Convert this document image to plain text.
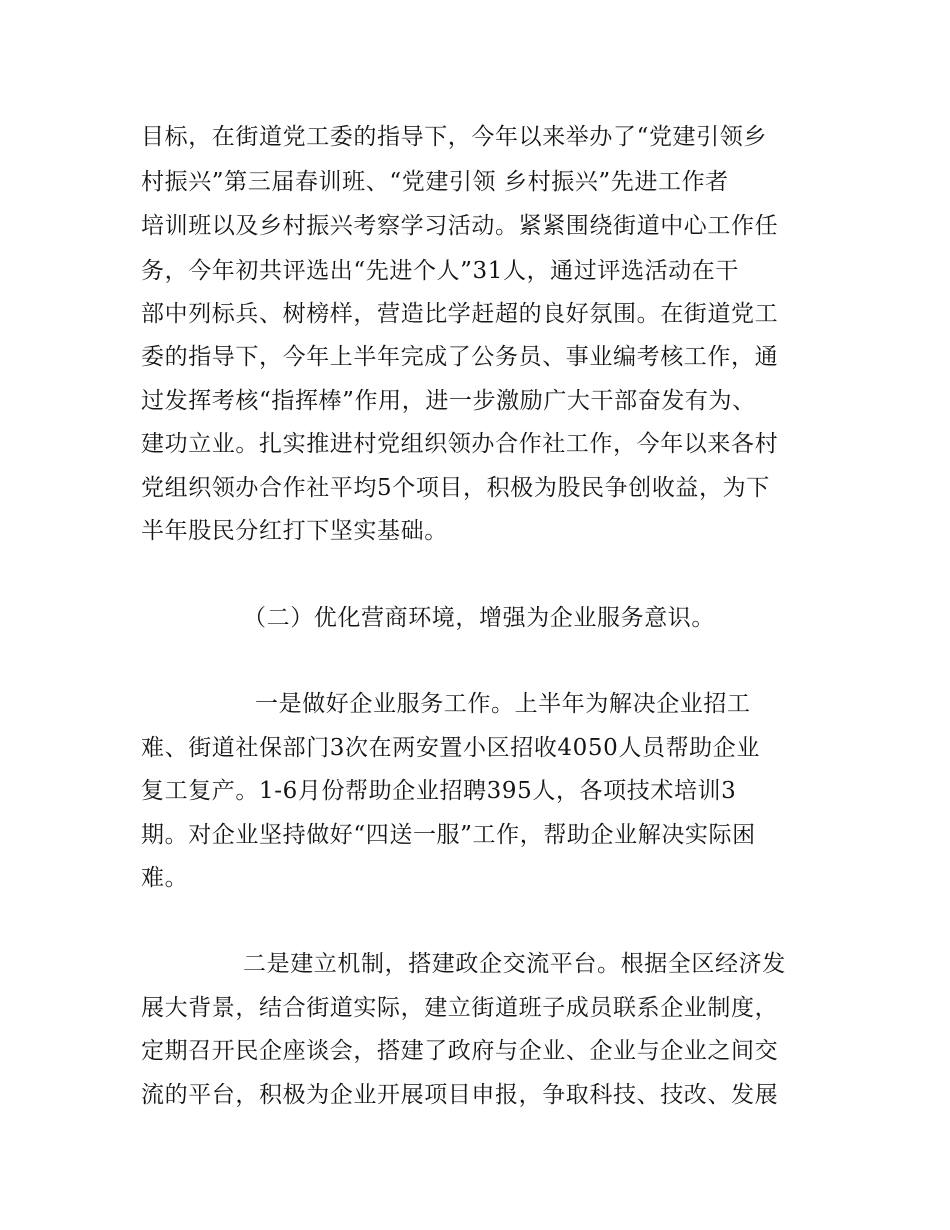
目标，在街道党工委的指导下，今年以来举办了“党建引领乡
村振兴”第三届春训班、“党建引领 乡村振兴”先进工作者
培训班以及乡村振兴考察学习活动。紧紧围绕街道中心工作任
务，今年初共评选出“先进个人”31人，通过评选活动在干
部中列标兵、树榜样，营造比学赶超的良好氛围。在街道党工
委的指导下，今年上半年完成了公务员、事业编考核工作，通
过发挥考核“指挥棒”作用，进一步激励广大干部奋发有为、
建功立业。扎实推进村党组织领办合作社工作，今年以来各村
党组织领办合作社平均5个项目，积极为股民争创收益，为下
半年股民分红打下坚实基础。
（二）优化营商环境，增强为企业服务意识。
一是做好企业服务工作。上半年为解决企业招工
难、街道社保部门3次在两安置小区招收4050人员帮助企业
复工复产。1-6月份帮助企业招聘395人，各项技术培训3
期。对企业坚持做好“四送一服”工作，帮助企业解决实际困
难。
二是建立机制，搭建政企交流平台。根据全区经济发
展大背景，结合街道实际，建立街道班子成员联系企业制度，
定期召开民企座谈会，搭建了政府与企业、企业与企业之间交
流的平台，积极为企业开展项目申报，争取科技、技改、发展
